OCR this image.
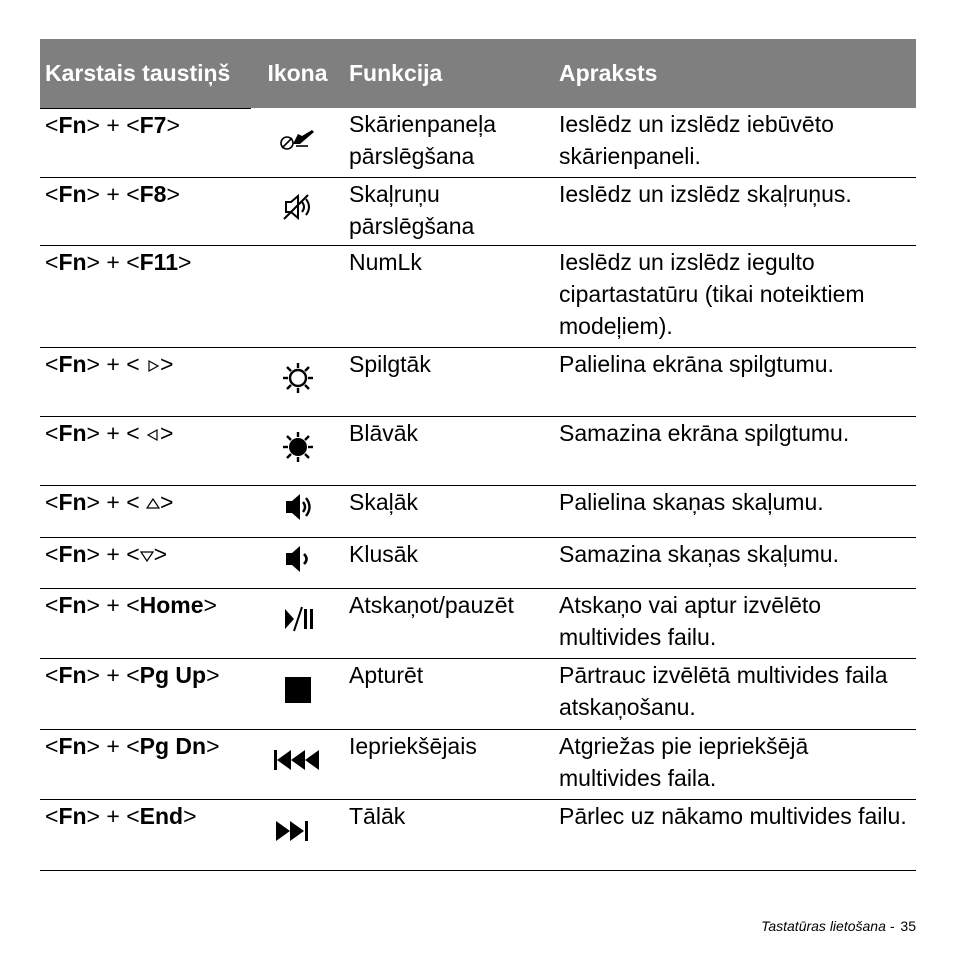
Karstais taustiņš	Ikona	Funkcija	Apraksts
<Fn> + <F7>		Skārienpaneļa pārslēgšana	Ieslēdz un izslēdz iebūvēto skārienpaneli.
<Fn> + <F8>		Skaļruņu pārslēgšana	Ieslēdz un izslēdz skaļruņus.
<Fn> + <F11>		NumLk	Ieslēdz un izslēdz iegulto cipartastatūru (tikai noteiktiem modeļiem).
<Fn> + < >		Spilgtāk	Palielina ekrāna spilgtumu.
<Fn> + < >		Blāvāk	Samazina ekrāna spilgtumu.
<Fn> + < >		Skaļāk	Palielina skaņas skaļumu.
<Fn> + < >		Klusāk	Samazina skaņas skaļumu.
<Fn> + <Home>		Atskaņot/pauzēt	Atskaņo vai aptur izvēlēto multivides failu.
<Fn> + <Pg Up>		Apturēt	Pārtrauc izvēlētā multivides faila atskaņošanu.
<Fn> + <Pg Dn>		Iepriekšējais	Atgriežas pie iepriekšējā multivides faila.
<Fn> + <End>		Tālāk	Pārlec uz nākamo multivides failu.
Tastatūras lietošana - 35
